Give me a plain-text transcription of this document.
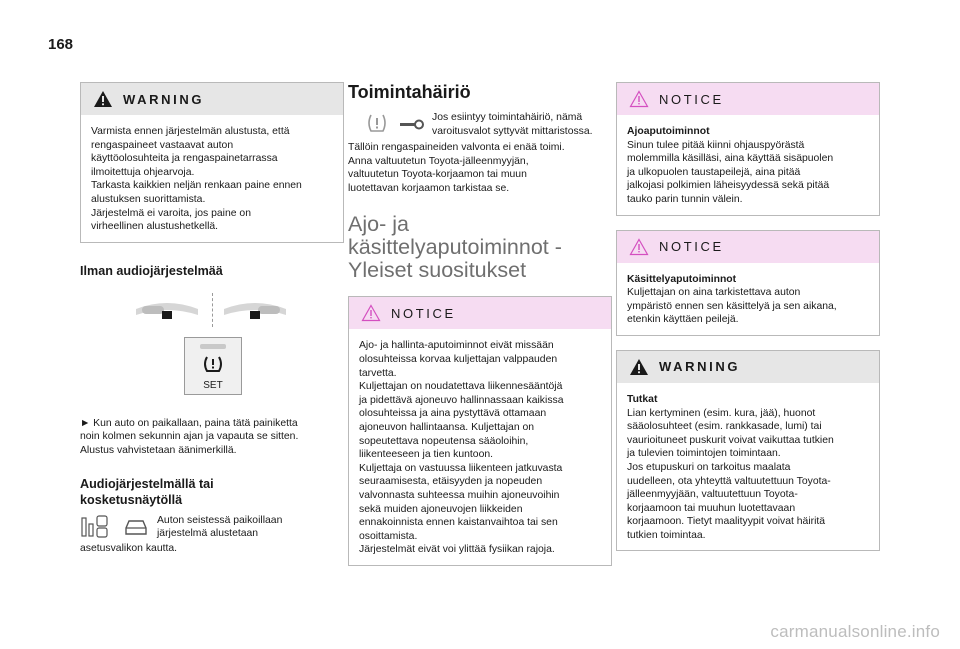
168
WARNING

Varmista ennen järjestelmän alustusta, että

rengaspaineet vastaavat auton

käyttöolosuhteita ja rengaspainetarrassa

ilmoitettuja ohjearvoja.

Tarkasta kaikkien neljän renkaan paine ennen

alustuksen suorittamista.

Järjestelmä ei varoita, jos paine on

virheellinen alustushetkellä.

Ilman audiojärjestelmää
SET

► Kun auto on paikallaan, paina tätä painiketta

noin kolmen sekunnin ajan ja vapauta se sitten.

Alustus vahvistetaan äänimerkillä.

Audiojärjestelmällä tai
kosketusnäytöllä

Auton seistessä paikoillaan

järjestelmä alustetaan

asetusvalikon kautta.

Toimintahäiriö

Jos esiintyy toimintahäiriö, nämä

varoitusvalot syttyvät mittaristossa.

Tällöin rengaspaineiden valvonta ei enää toimi.

Anna valtuutetun Toyota-jälleenmyyjän,

valtuutetun Toyota-korjaamon tai muun

luotettavan korjaamon tarkistaa se.

Ajo- ja
käsittelyaputoiminnot -
Yleiset suositukset
NOTICE

Ajo- ja hallinta-aputoiminnot eivät missään

olosuhteissa korvaa kuljettajan valppauden

tarvetta.

Kuljettajan on noudatettava liikennesääntöjä

ja pidettävä ajoneuvo hallinnassaan kaikissa

olosuhteissa ja aina pystyttävä ottamaan

ajoneuvon hallintaansa. Kuljettajan on

sopeutettava nopeutensa sääoloihin,

liikenteeseen ja tien kuntoon.

Kuljettaja on vastuussa liikenteen jatkuvasta

seuraamisesta, etäisyyden ja nopeuden

valvonnasta suhteessa muihin ajoneuvoihin

sekä muiden ajoneuvojen liikkeiden

ennakoinnista ennen kaistanvaihtoa tai sen

osoittamista.

Järjestelmät eivät voi ylittää fysiikan rajoja.

NOTICE

Ajoaputoiminnot

Sinun tulee pitää kiinni ohjauspyörästä

molemmilla käsilläsi, aina käyttää sisäpuolen

ja ulkopuolen taustapeilejä, aina pitää

jalkojasi polkimien läheisyydessä sekä pitää

tauko parin tunnin välein.

NOTICE

Käsittelyaputoiminnot

Kuljettajan on aina tarkistettava auton

ympäristö ennen sen käsittelyä ja sen aikana,

etenkin käyttäen peilejä.

WARNING

Tutkat

Lian kertyminen (esim. kura, jää), huonot

sääolosuhteet (esim. rankkasade, lumi) tai

vaurioituneet puskurit voivat vaikuttaa tutkien

ja tulevien toimintojen toimintaan.

Jos etupuskuri on tarkoitus maalata

uudelleen, ota yhteyttä valtuutettuun Toyota-

jälleenmyyjään, valtuutettuun Toyota-

korjaamoon tai muuhun luotettavaan

korjaamoon. Tietyt maalityypit voivat häiritä

tutkien toimintaa.

carmanualsonline.info
